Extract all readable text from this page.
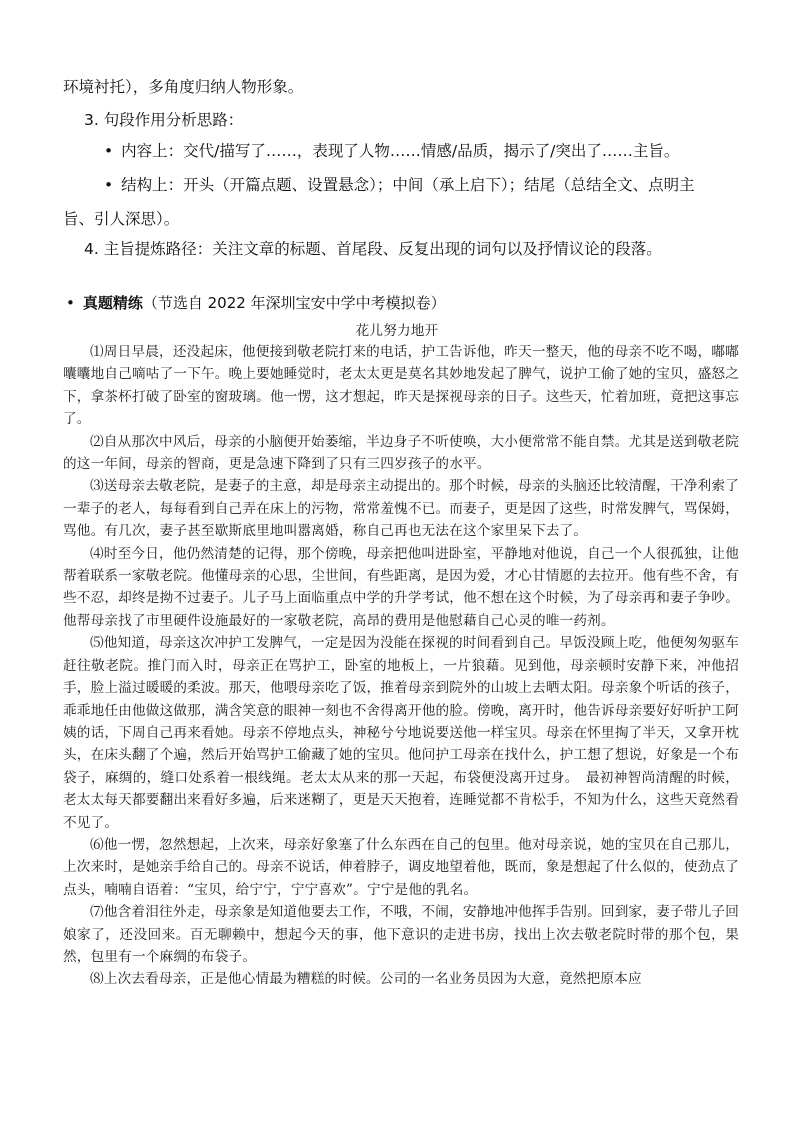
环境衬托），多角度归纳人物形象。

3. 句段作用分析思路：

• 内容上：交代/描写了……，表现了人物……情感/品质，揭示了/突出了……主旨。

• 结构上：开头（开篇点题、设置悬念）；中间（承上启下）；结尾（总结全文、点明主

旨、引人深思）。

4. 主旨提炼路径：关注文章的标题、首尾段、反复出现的词句以及抒情议论的段落。

• 真题精练（节选自 2022 年深圳宝安中学中考模拟卷）
花儿努力地开

⑴周日早晨，还没起床，他便接到敬老院打来的电话，护工告诉他，昨天一整天，他的母亲不吃不喝，嘟嘟囔囔地自己嘀咕了一下午。晚上要她睡觉时，老太太更是莫名其妙地发起了脾气，说护工偷了她的宝贝，盛怒之下，拿茶杯打破了卧室的窗玻璃。他一愣，这才想起，昨天是探视母亲的日子。这些天，忙着加班，竟把这事忘了。

⑵自从那次中风后，母亲的小脑便开始萎缩，半边身子不听使唤，大小便常常不能自禁。尤其是送到敬老院的这一年间，母亲的智商，更是急速下降到了只有三四岁孩子的水平。

⑶送母亲去敬老院，是妻子的主意，却是母亲主动提出的。那个时候，母亲的头脑还比较清醒，干净利索了一辈子的老人，每每看到自己弄在床上的污物，常常羞愧不已。而妻子，更是因了这些，时常发脾气，骂保姆，骂他。有几次，妻子甚至歇斯底里地叫嚣离婚，称自己再也无法在这个家里呆下去了。

⑷时至今日，他仍然清楚的记得，那个傍晚，母亲把他叫进卧室，平静地对他说，自己一个人很孤独，让他帮着联系一家敬老院。他懂母亲的心思，尘世间，有些距离，是因为爱，才心甘情愿的去拉开。他有些不舍，有些不忍，却终是拗不过妻子。儿子马上面临重点中学的升学考试，他不想在这个时候，为了母亲再和妻子争吵。他帮母亲找了市里硬件设施最好的一家敬老院，高昂的费用是他慰藉自己心灵的唯一药剂。

⑸他知道，母亲这次冲护工发脾气，一定是因为没能在探视的时间看到自己。早饭没顾上吃，他便匆匆驱车赶往敬老院。推门而入时，母亲正在骂护工，卧室的地板上，一片狼藉。见到他，母亲顿时安静下来，冲他招手，脸上溢过暖暖的柔波。那天，他喂母亲吃了饭，推着母亲到院外的山坡上去晒太阳。母亲象个听话的孩子，乖乖地任由他做这做那，满含笑意的眼神一刻也不舍得离开他的脸。傍晚，离开时，他告诉母亲要好好听护工阿姨的话，下周自己再来看她。母亲不停地点头，神秘兮兮地说要送他一样宝贝。母亲在怀里掏了半天，又拿开枕头，在床头翻了个遍，然后开始骂护工偷藏了她的宝贝。他问护工母亲在找什么，护工想了想说，好象是一个布袋子，麻绸的，缝口处系着一根线绳。老太太从来的那一天起，布袋便没离开过身。　最初神智尚清醒的时候，老太太每天都要翻出来看好多遍，后来迷糊了，更是天天抱着，连睡觉都不肯松手，不知为什么，这些天竟然看不见了。

⑹他一愣，忽然想起，上次来，母亲好象塞了什么东西在自己的包里。他对母亲说，她的宝贝在自己那儿，上次来时，是她亲手给自己的。母亲不说话，伸着脖子，调皮地望着他，既而，象是想起了什么似的，使劲点了点头，喃喃自语着：“宝贝，给宁宁，宁宁喜欢”。宁宁是他的乳名。

⑺他含着泪往外走，母亲象是知道他要去工作，不哦，不闹，安静地冲他挥手告别。回到家，妻子带儿子回娘家了，还没回来。百无聊赖中，想起今天的事，他下意识的走进书房，找出上次去敬老院时带的那个包，果然，包里有一个麻绸的布袋子。

⑻上次去看母亲，正是他心情最为糟糕的时候。公司的一名业务员因为大意，竟然把原本应
